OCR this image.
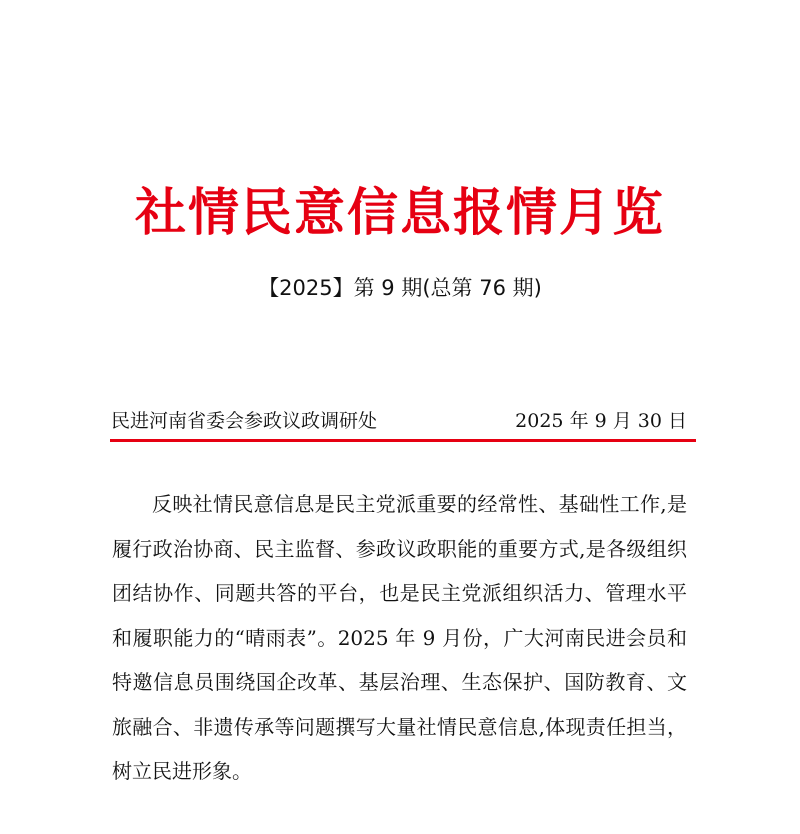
社情民意信息报情月览
【2025】第 9 期(总第 76 期)
民进河南省委会参政议政调研处	2025 年 9 月 30 日

反映社情民意信息是民主党派重要的经常性、基础性工作,是履行政治协商、民主监督、参政议政职能的重要方式,是各级组织团结协作、同题共答的平台，也是民主党派组织活力、管理水平和履职能力的“晴雨表”。2025 年 9 月份，广大河南民进会员和特邀信息员围绕国企改革、基层治理、生态保护、国防教育、文旅融合、非遗传承等问题撰写大量社情民意信息,体现责任担当，树立民进形象。
